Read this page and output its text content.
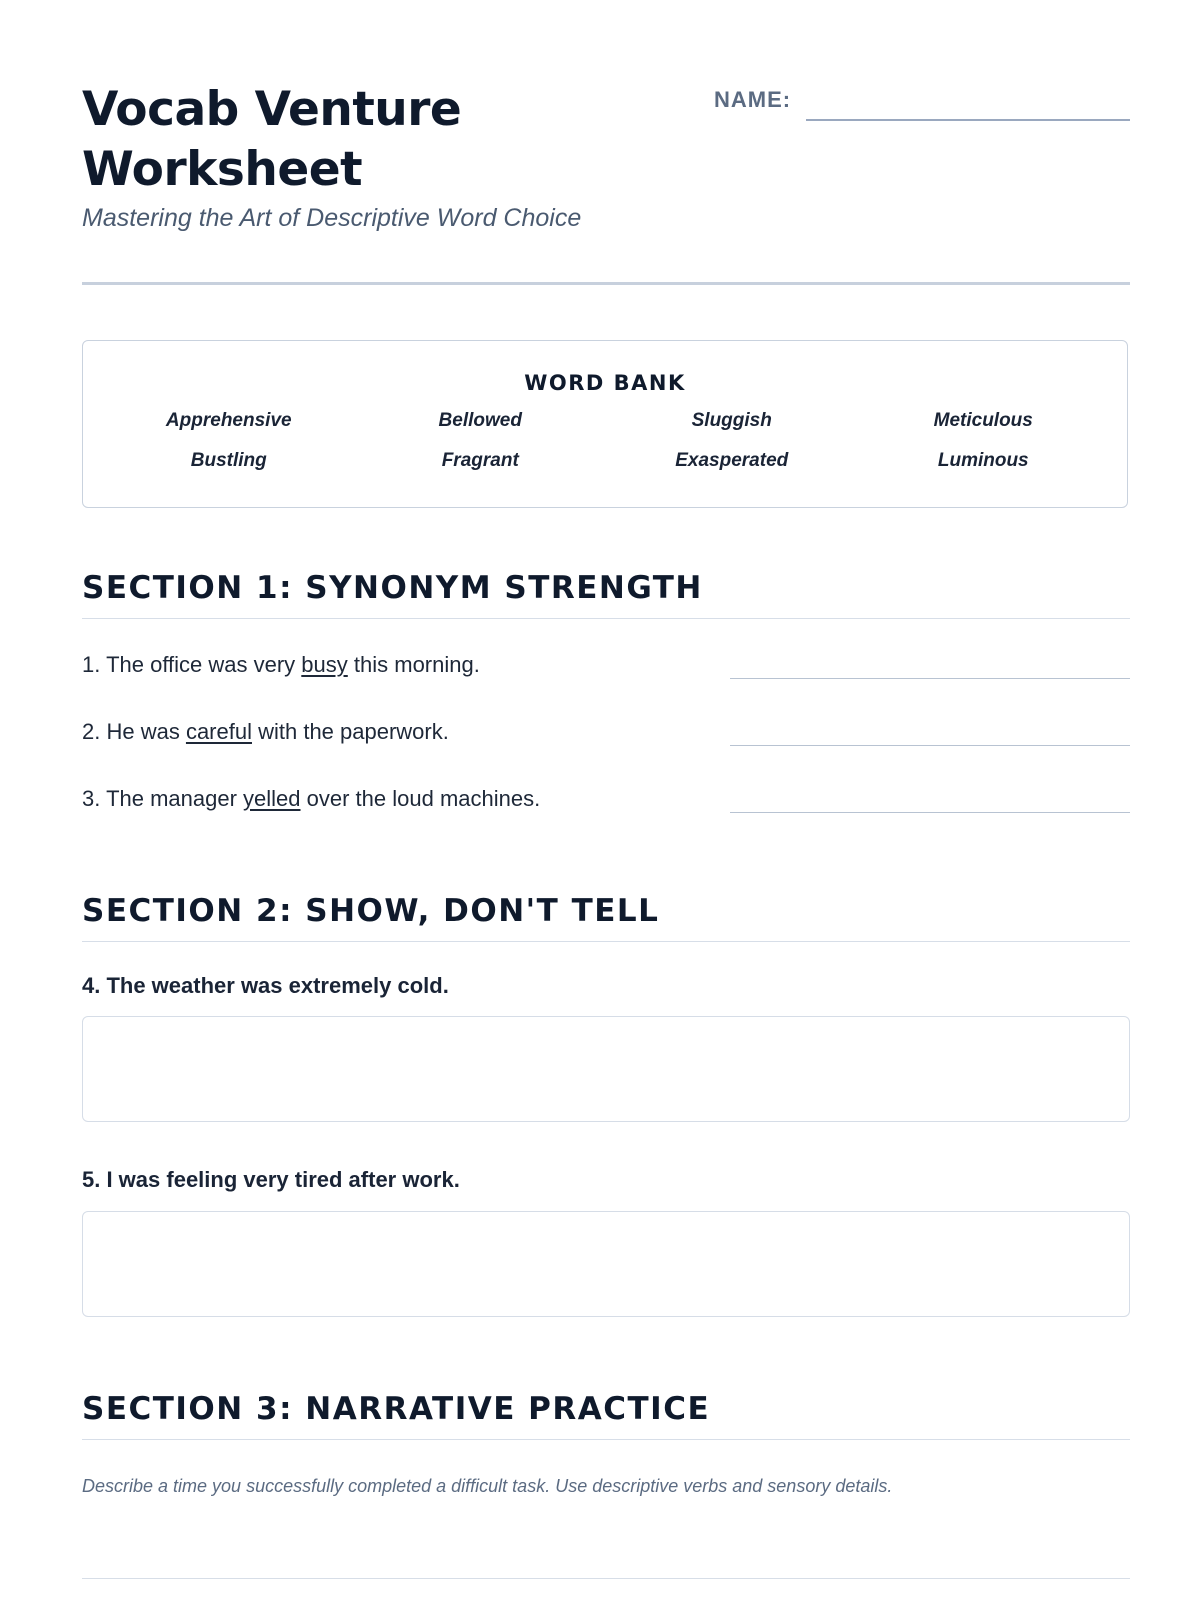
Vocab Venture Worksheet
Mastering the Art of Descriptive Word Choice
NAME:
WORD BANK
Apprehensive	Bellowed	Sluggish	Meticulous
Bustling	Fragrant	Exasperated	Luminous
SECTION 1: SYNONYM STRENGTH
1. The office was very busy this morning.
2. He was careful with the paperwork.
3. The manager yelled over the loud machines.
SECTION 2: SHOW, DON'T TELL
4. The weather was extremely cold.
5. I was feeling very tired after work.
SECTION 3: NARRATIVE PRACTICE
Describe a time you successfully completed a difficult task. Use descriptive verbs and sensory details.
